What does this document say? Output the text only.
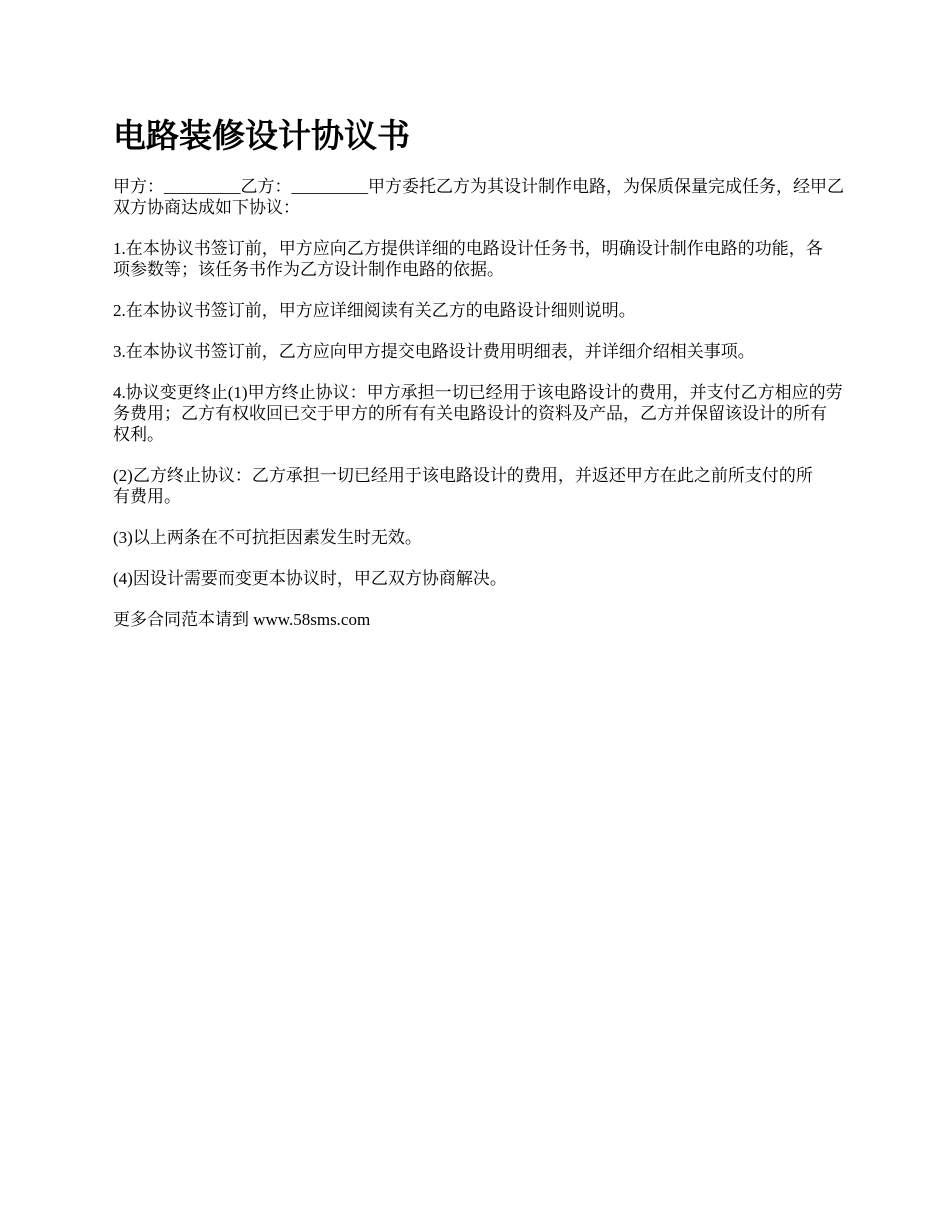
电路装修设计协议书

甲方：_________乙方：_________甲方委托乙方为其设计制作电路，为保质保量完成任务，经甲乙双方协商达成如下协议：

1.在本协议书签订前，甲方应向乙方提供详细的电路设计任务书，明确设计制作电路的功能，各项参数等；该任务书作为乙方设计制作电路的依据。

2.在本协议书签订前，甲方应详细阅读有关乙方的电路设计细则说明。

3.在本协议书签订前，乙方应向甲方提交电路设计费用明细表，并详细介绍相关事项。

4.协议变更终止(1)甲方终止协议：甲方承担一切已经用于该电路设计的费用，并支付乙方相应的劳务费用；乙方有权收回已交于甲方的所有有关电路设计的资料及产品，乙方并保留该设计的所有权利。

(2)乙方终止协议：乙方承担一切已经用于该电路设计的费用，并返还甲方在此之前所支付的所有费用。

(3)以上两条在不可抗拒因素发生时无效。

(4)因设计需要而变更本协议时，甲乙双方协商解决。

更多合同范本请到 www.58sms.com
